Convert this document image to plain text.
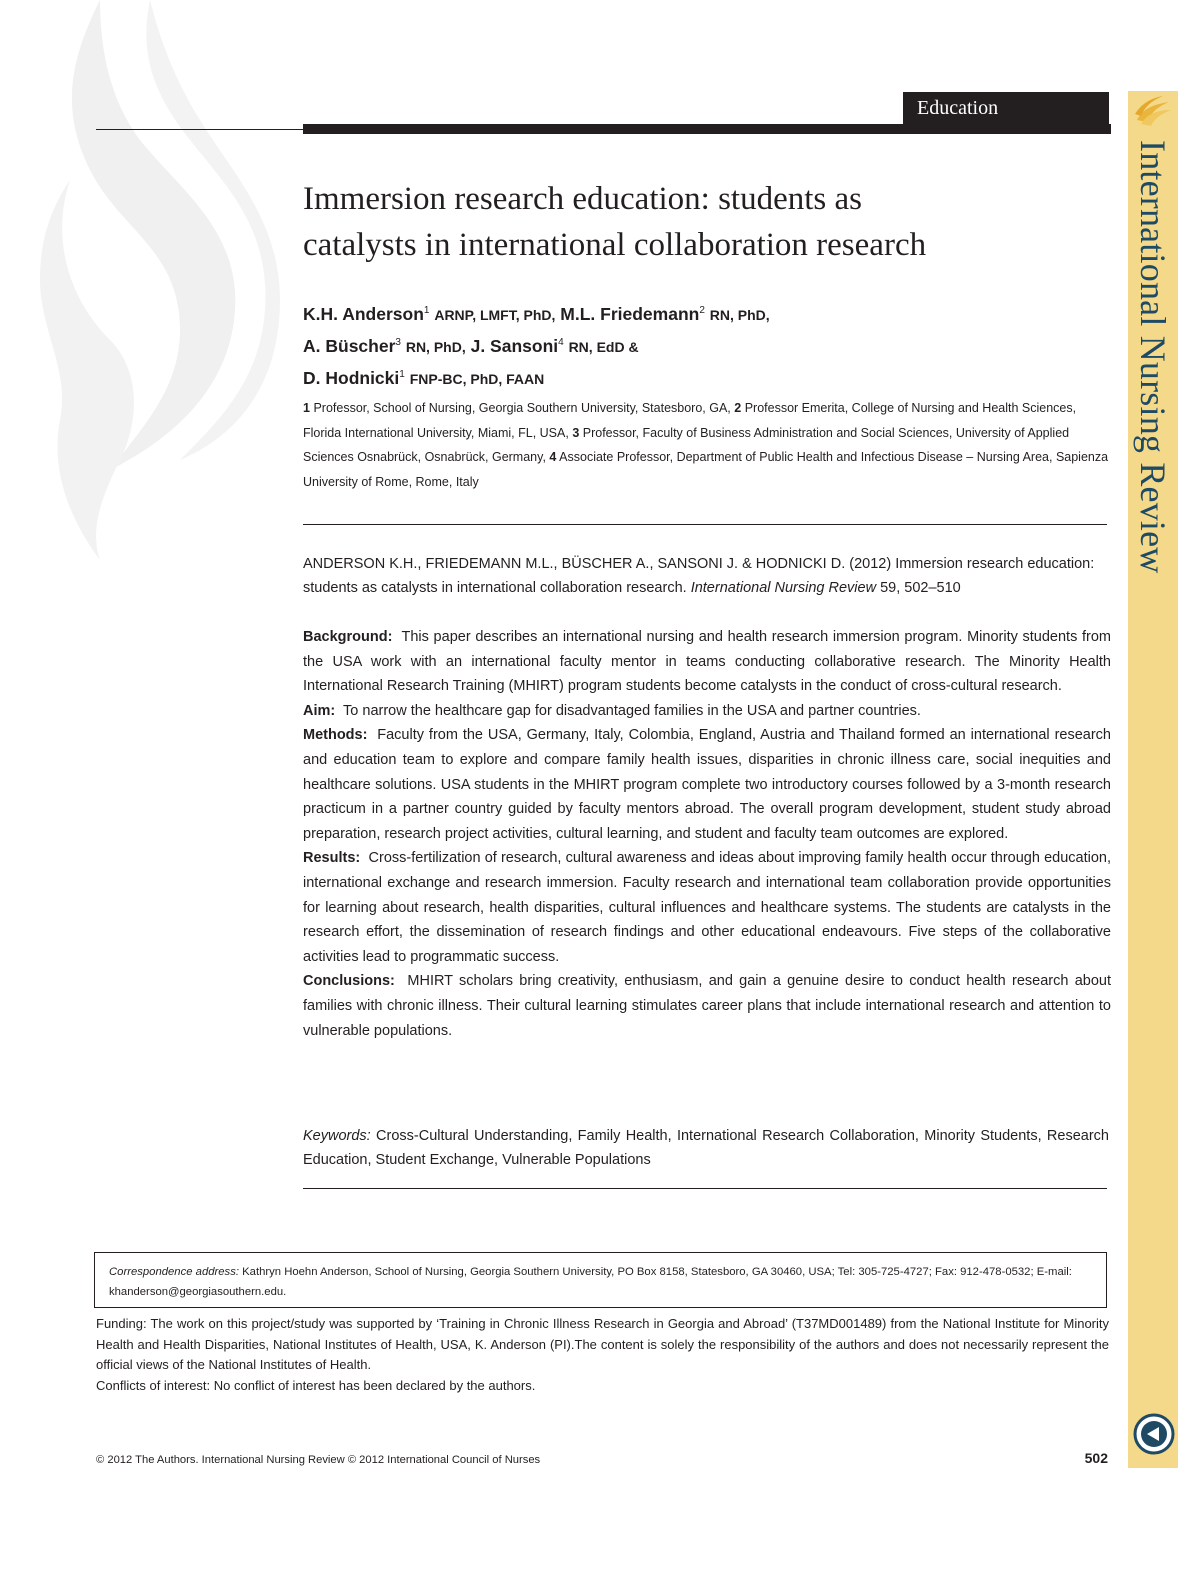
Education
Immersion research education: students as
catalysts in international collaboration research
K.H. Anderson$^1$ ARNP, LMFT, PhD, M.L. Friedemann$^2$ RN, PhD,
A. Büscher$^3$ RN, PhD, J. Sansoni$^4$ RN, EdD &
D. Hodnicki$^1$ FNP-BC, PhD, FAAN
1 Professor, School of Nursing, Georgia Southern University, Statesboro, GA, 2 Professor Emerita, College of Nursing and Health Sciences, Florida International University, Miami, FL, USA, 3 Professor, Faculty of Business Administration and Social Sciences, University of Applied Sciences Osnabrück, Osnabrück, Germany, 4 Associate Professor, Department of Public Health and Infectious Disease – Nursing Area, Sapienza University of Rome, Rome, Italy
ANDERSON K.H., FRIEDEMANN M.L., BÜSCHER A., SANSONI J. & HODNICKI D. (2012) Immersion research education: students as catalysts in international collaboration research. International Nursing Review 59, 502–510

Background: This paper describes an international nursing and health research immersion program. Minority students from the USA work with an international faculty mentor in teams conducting collaborative research. The Minority Health International Research Training (MHIRT) program students become catalysts in the conduct of cross-cultural research.

Aim: To narrow the healthcare gap for disadvantaged families in the USA and partner countries.

Methods: Faculty from the USA, Germany, Italy, Colombia, England, Austria and Thailand formed an international research and education team to explore and compare family health issues, disparities in chronic illness care, social inequities and healthcare solutions. USA students in the MHIRT program complete two introductory courses followed by a 3-month research practicum in a partner country guided by faculty mentors abroad. The overall program development, student study abroad preparation, research project activities, cultural learning, and student and faculty team outcomes are explored.

Results: Cross-fertilization of research, cultural awareness and ideas about improving family health occur through education, international exchange and research immersion. Faculty research and international team collaboration provide opportunities for learning about research, health disparities, cultural influences and healthcare systems. The students are catalysts in the research effort, the dissemination of research findings and other educational endeavours. Five steps of the collaborative activities lead to programmatic success.

Conclusions: MHIRT scholars bring creativity, enthusiasm, and gain a genuine desire to conduct health research about families with chronic illness. Their cultural learning stimulates career plans that include international research and attention to vulnerable populations.

Keywords: Cross-Cultural Understanding, Family Health, International Research Collaboration, Minority Students, Research Education, Student Exchange, Vulnerable Populations
Correspondence address: Kathryn Hoehn Anderson, School of Nursing, Georgia Southern University, PO Box 8158, Statesboro, GA 30460, USA; Tel: 305-725-4727; Fax: 912-478-0532; E-mail: khanderson@georgiasouthern.edu.
Funding: The work on this project/study was supported by ‘Training in Chronic Illness Research in Georgia and Abroad’ (T37MD001489) from the National Institute for Minority Health and Health Disparities, National Institutes of Health, USA, K. Anderson (PI).The content is solely the responsibility of the authors and does not necessarily represent the official views of the National Institutes of Health.
Conflicts of interest: No conflict of interest has been declared by the authors.
© 2012 The Authors. International Nursing Review © 2012 International Council of Nurses	502
International Nursing Review
